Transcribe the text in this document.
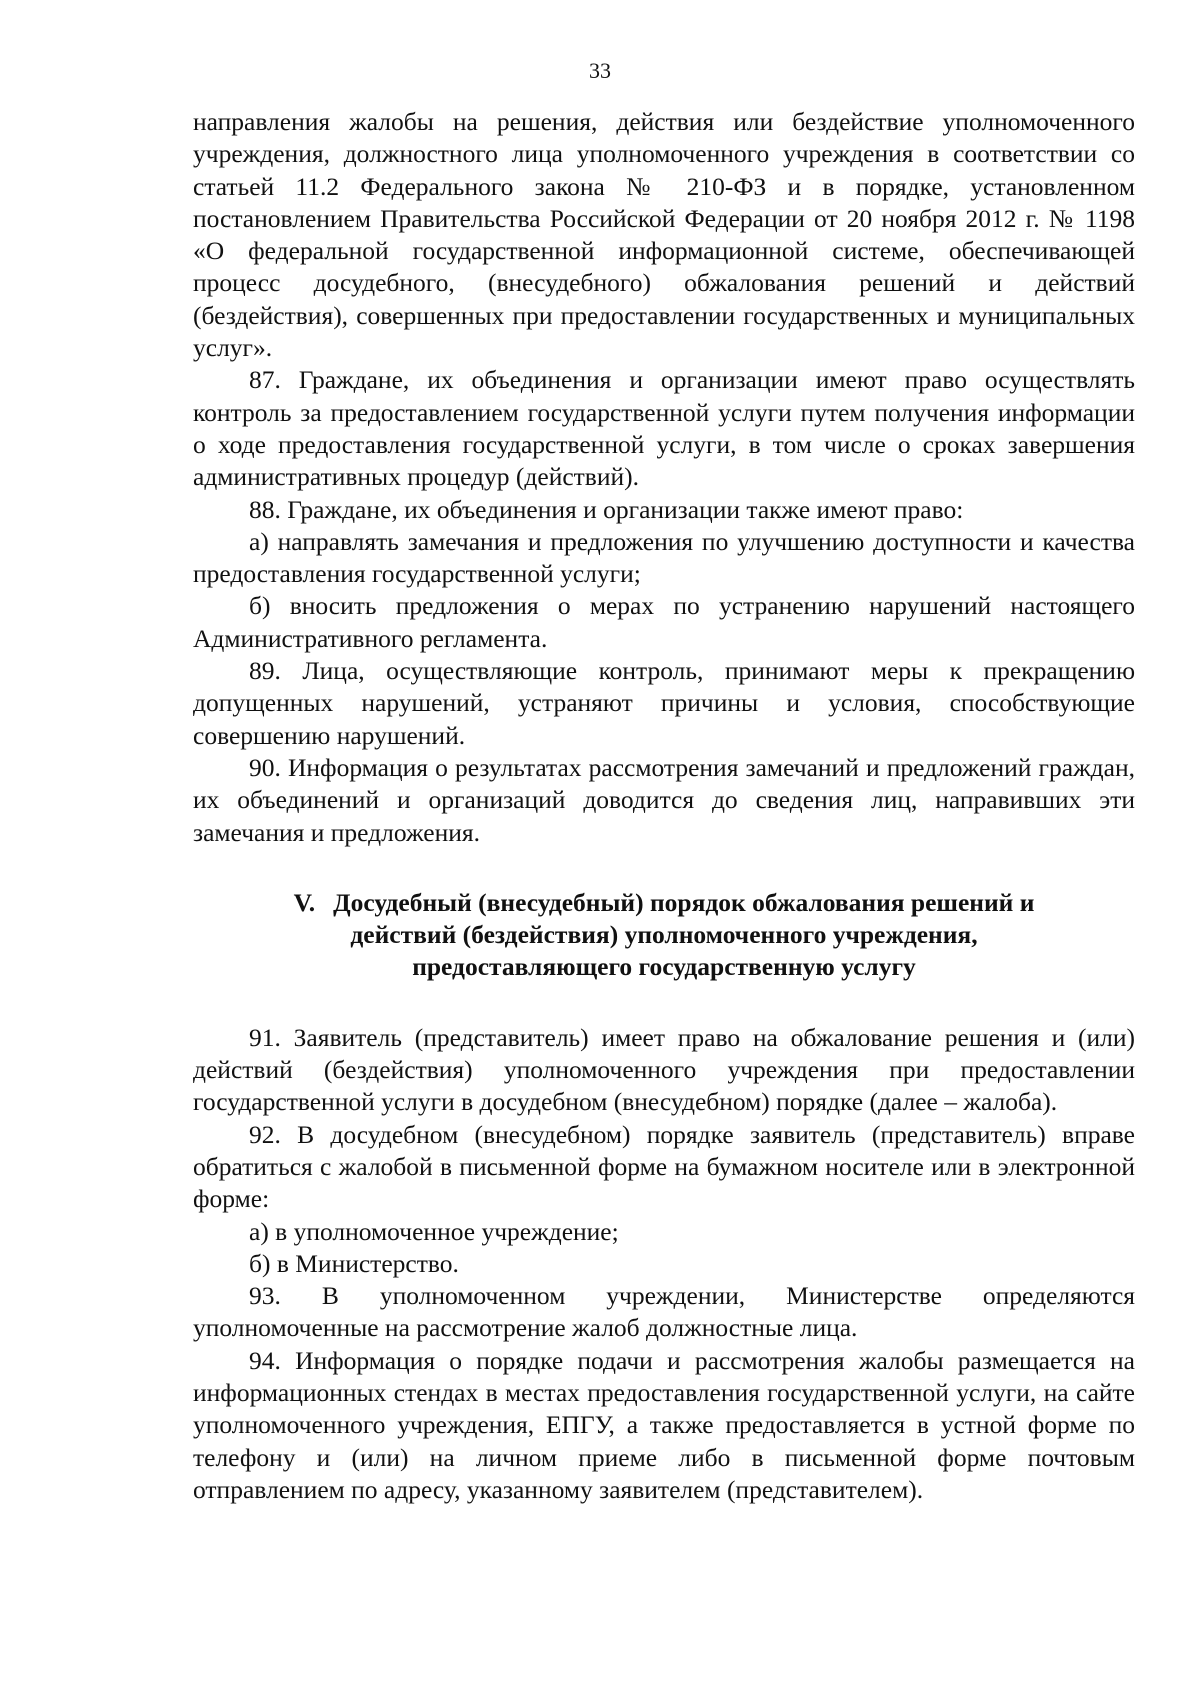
33

направления жалобы на решения, действия или бездействие уполномоченного учреждения, должностного лица уполномоченного учреждения в соответствии со статьей 11.2 Федерального закона № 210-ФЗ и в порядке, установленном постановлением Правительства Российской Федерации от 20 ноября 2012 г. № 1198 «О федеральной государственной информационной системе, обеспечивающей процесс досудебного, (внесудебного) обжалования решений и действий (бездействия), совершенных при предоставлении государственных и муниципальных услуг».

87. Граждане, их объединения и организации имеют право осуществлять контроль за предоставлением государственной услуги путем получения информации о ходе предоставления государственной услуги, в том числе о сроках завершения административных процедур (действий).

88. Граждане, их объединения и организации также имеют право:

а) направлять замечания и предложения по улучшению доступности и качества предоставления государственной услуги;

б) вносить предложения о мерах по устранению нарушений настоящего Административного регламента.

89. Лица, осуществляющие контроль, принимают меры к прекращению допущенных нарушений, устраняют причины и условия, способствующие совершению нарушений.

90. Информация о результатах рассмотрения замечаний и предложений граждан, их объединений и организаций доводится до сведения лиц, направивших эти замечания и предложения.

V. Досудебный (внесудебный) порядок обжалования решений и
действий (бездействия) уполномоченного учреждения,
предоставляющего государственную услугу

91. Заявитель (представитель) имеет право на обжалование решения и (или) действий (бездействия) уполномоченного учреждения при предоставлении государственной услуги в досудебном (внесудебном) порядке (далее – жалоба).

92. В досудебном (внесудебном) порядке заявитель (представитель) вправе обратиться с жалобой в письменной форме на бумажном носителе или в электронной форме:

а) в уполномоченное учреждение;

б) в Министерство.

93. В уполномоченном учреждении, Министерстве определяются уполномоченные на рассмотрение жалоб должностные лица.

94. Информация о порядке подачи и рассмотрения жалобы размещается на информационных стендах в местах предоставления государственной услуги, на сайте уполномоченного учреждения, ЕПГУ, а также предоставляется в устной форме по телефону и (или) на личном приеме либо в письменной форме почтовым отправлением по адресу, указанному заявителем (представителем).
